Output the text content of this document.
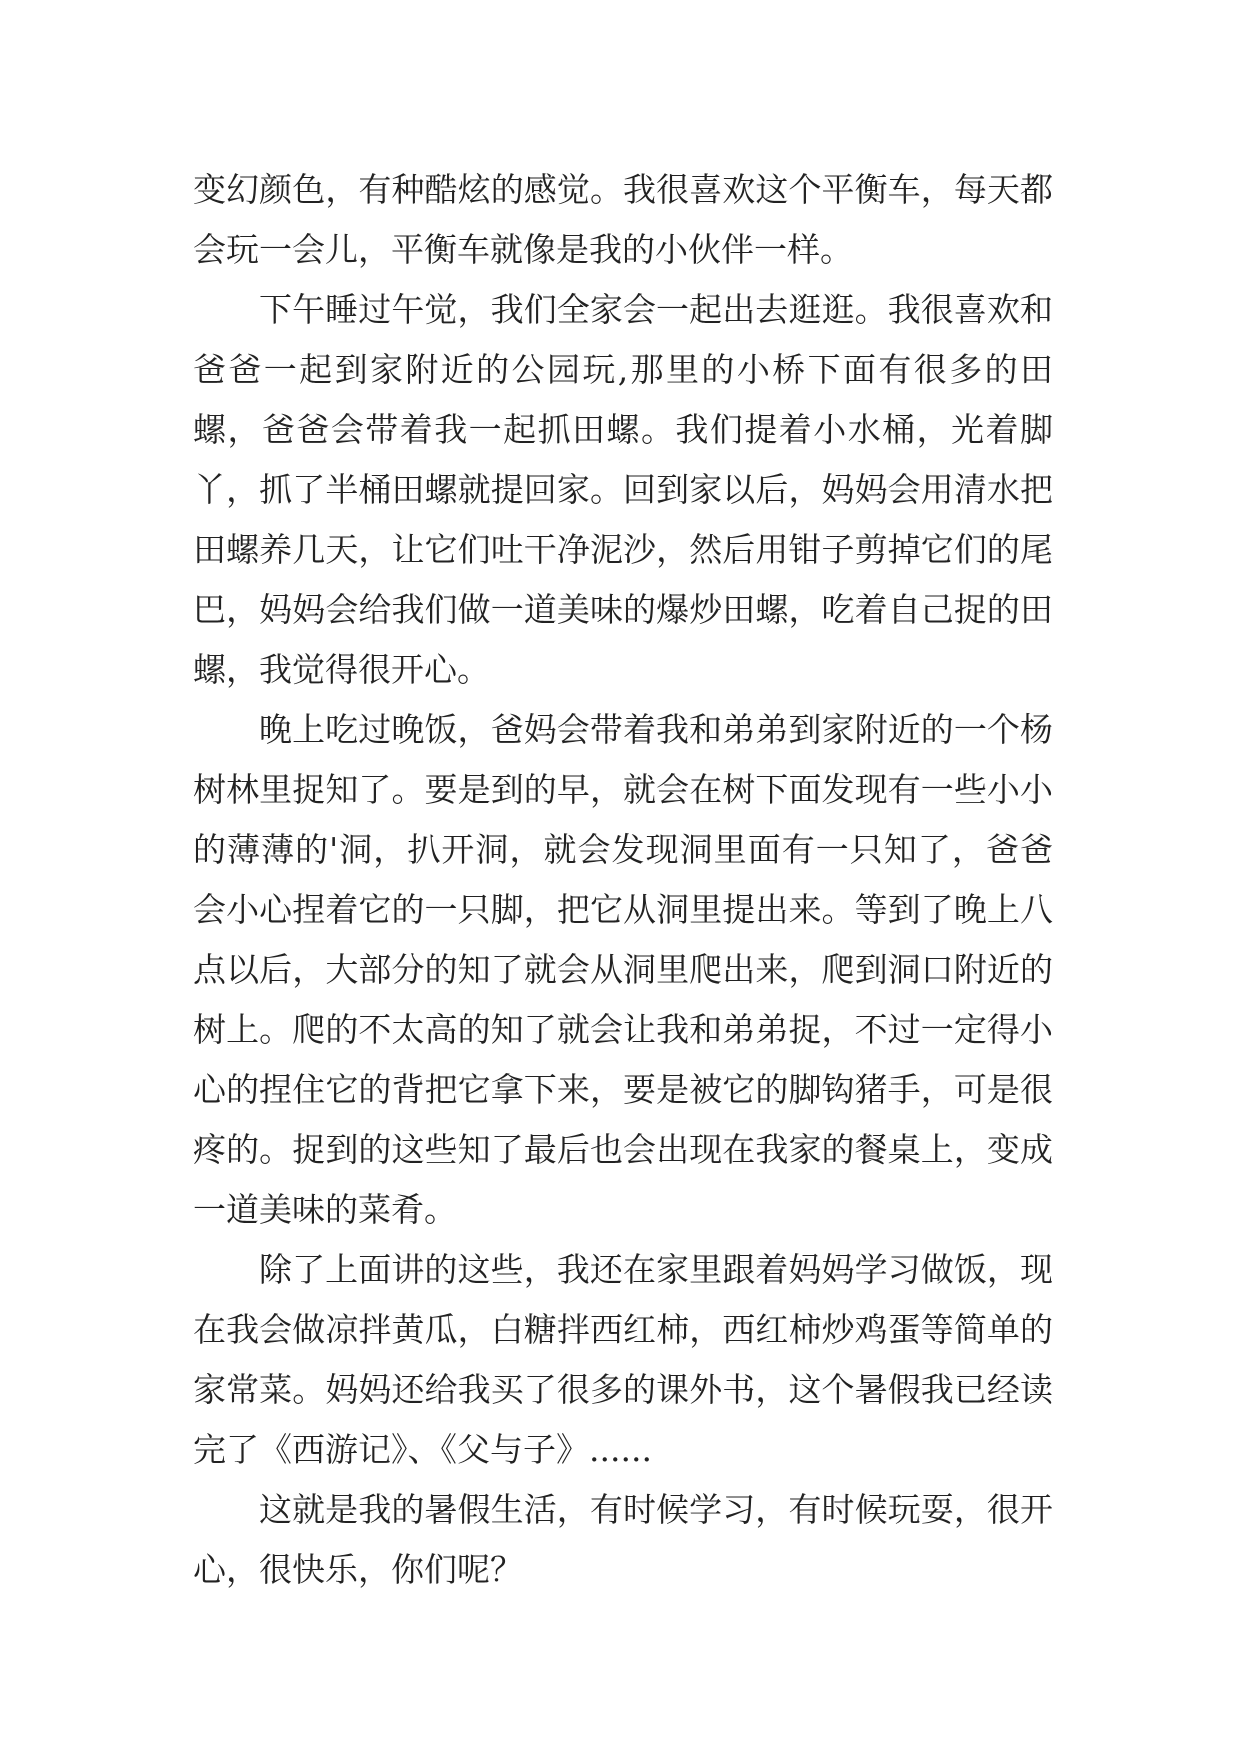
变幻颜色，有种酷炫的感觉。我很喜欢这个平衡车，每天都会玩一会儿，平衡车就像是我的小伙伴一样。

下午睡过午觉，我们全家会一起出去逛逛。我很喜欢和爸爸一起到家附近的公园玩,那里的小桥下面有很多的田螺，爸爸会带着我一起抓田螺。我们提着小水桶，光着脚丫，抓了半桶田螺就提回家。回到家以后，妈妈会用清水把田螺养几天，让它们吐干净泥沙，然后用钳子剪掉它们的尾巴，妈妈会给我们做一道美味的爆炒田螺，吃着自己捉的田螺，我觉得很开心。

晚上吃过晚饭，爸妈会带着我和弟弟到家附近的一个杨树林里捉知了。要是到的早，就会在树下面发现有一些小小的薄薄的'洞，扒开洞，就会发现洞里面有一只知了，爸爸会小心捏着它的一只脚，把它从洞里提出来。等到了晚上八点以后，大部分的知了就会从洞里爬出来，爬到洞口附近的树上。爬的不太高的知了就会让我和弟弟捉，不过一定得小心的捏住它的背把它拿下来，要是被它的脚钩猪手，可是很疼的。捉到的这些知了最后也会出现在我家的餐桌上，变成一道美味的菜肴。

除了上面讲的这些，我还在家里跟着妈妈学习做饭，现在我会做凉拌黄瓜，白糖拌西红柿，西红柿炒鸡蛋等简单的家常菜。妈妈还给我买了很多的课外书，这个暑假我已经读完了《西游记》、《父与子》......

这就是我的暑假生活，有时候学习，有时候玩耍，很开心，很快乐，你们呢？
